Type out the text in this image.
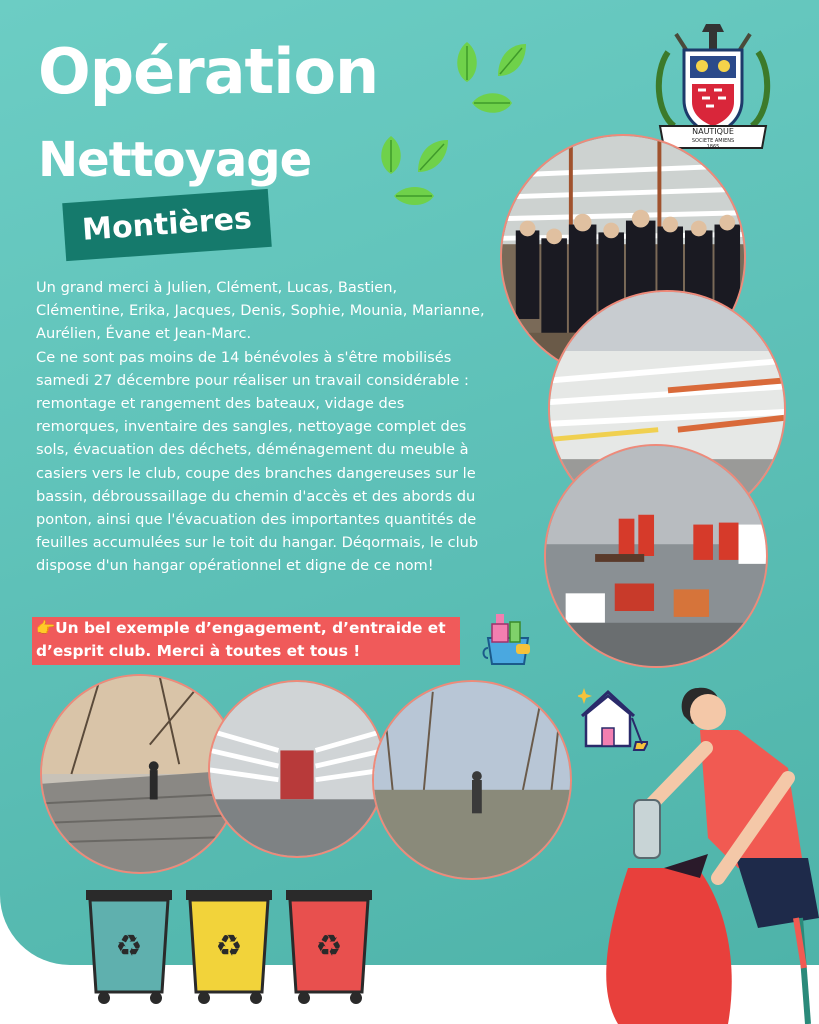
Opération
Nettoyage
Montières
NAUTIQUE
SOCIETE AMIENS
1865

Un grand merci à Julien, Clément, Lucas, Bastien, Clémentine, Erika, Jacques, Denis, Sophie, Mounia, Marianne, Aurélien, Évane et Jean-Marc.

Ce ne sont pas moins de 14 bénévoles à s'être mobilisés samedi 27 décembre pour réaliser un travail considérable : remontage et rangement des bateaux, vidage des remorques, inventaire des sangles, nettoyage complet des sols, évacuation des déchets, déménagement du meuble à casiers vers le club, coupe des branches dangereuses sur le bassin, débroussaillage du chemin d'accès et des abords du ponton, ainsi que l'évacuation des importantes quantités de feuilles accumulées sur le toit du hangar. Déqormais, le club dispose d'un hangar opérationnel et digne de ce nom!

👉Un bel exemple d’engagement, d’entraide et d’esprit club. Merci à toutes et tous !
♻ ♻ ♻
